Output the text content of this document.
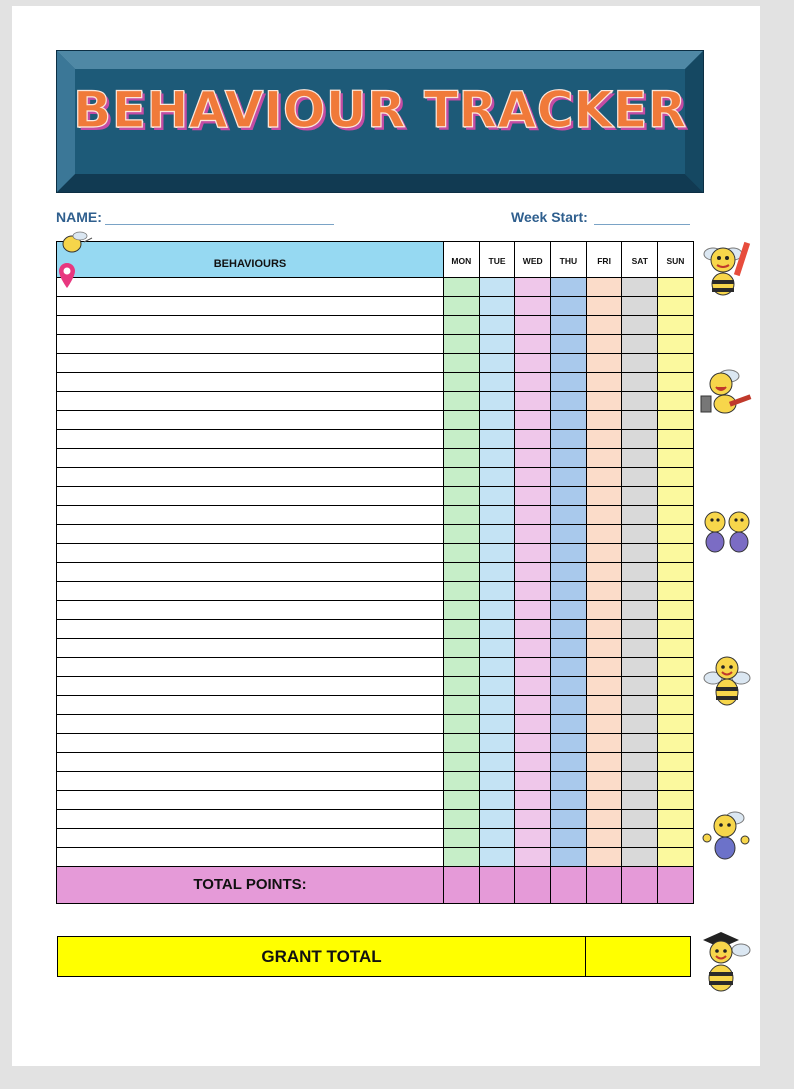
BEHAVIOUR TRACKER
NAME:	Week Start:
BEHAVIOURS	MON	TUE	WED	THU	FRI	SAT	SUN
TOTAL POINTS:
GRANT TOTAL
